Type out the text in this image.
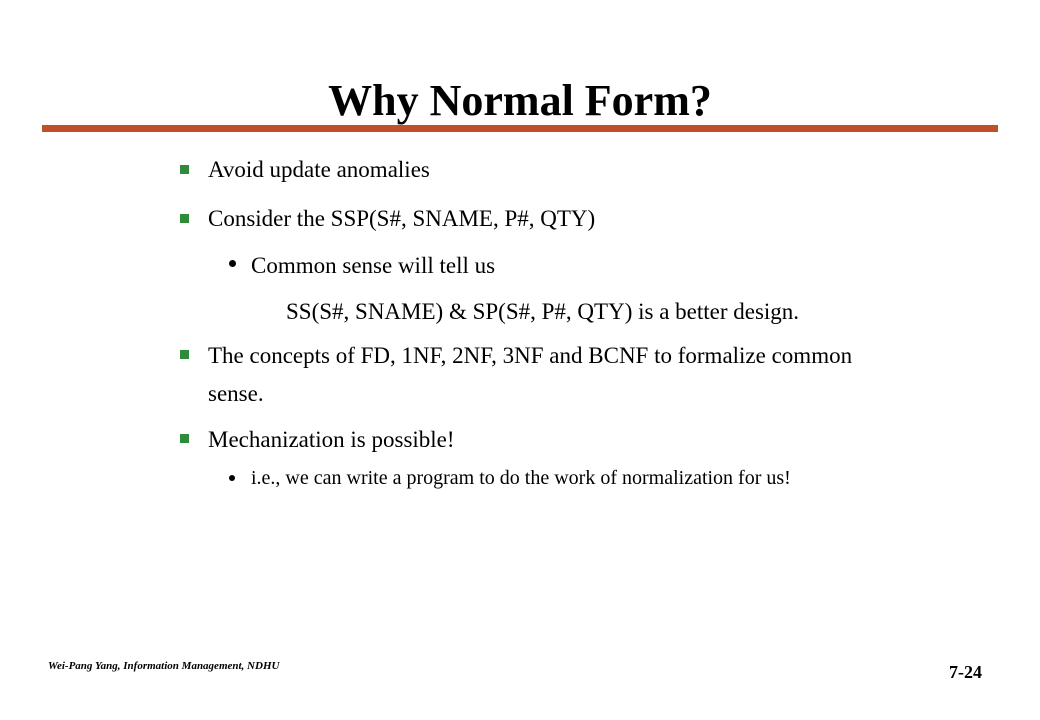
Why Normal Form?
Avoid update anomalies
Consider the SSP(S#, SNAME, P#, QTY)
Common sense will tell us
SS(S#, SNAME) & SP(S#, P#, QTY) is a better design.
The concepts of FD, 1NF, 2NF, 3NF and BCNF to formalize common
sense.
Mechanization is possible!
i.e., we can write a program to do the work of normalization for us!
Wei-Pang Yang, Information Management, NDHU	7-24
